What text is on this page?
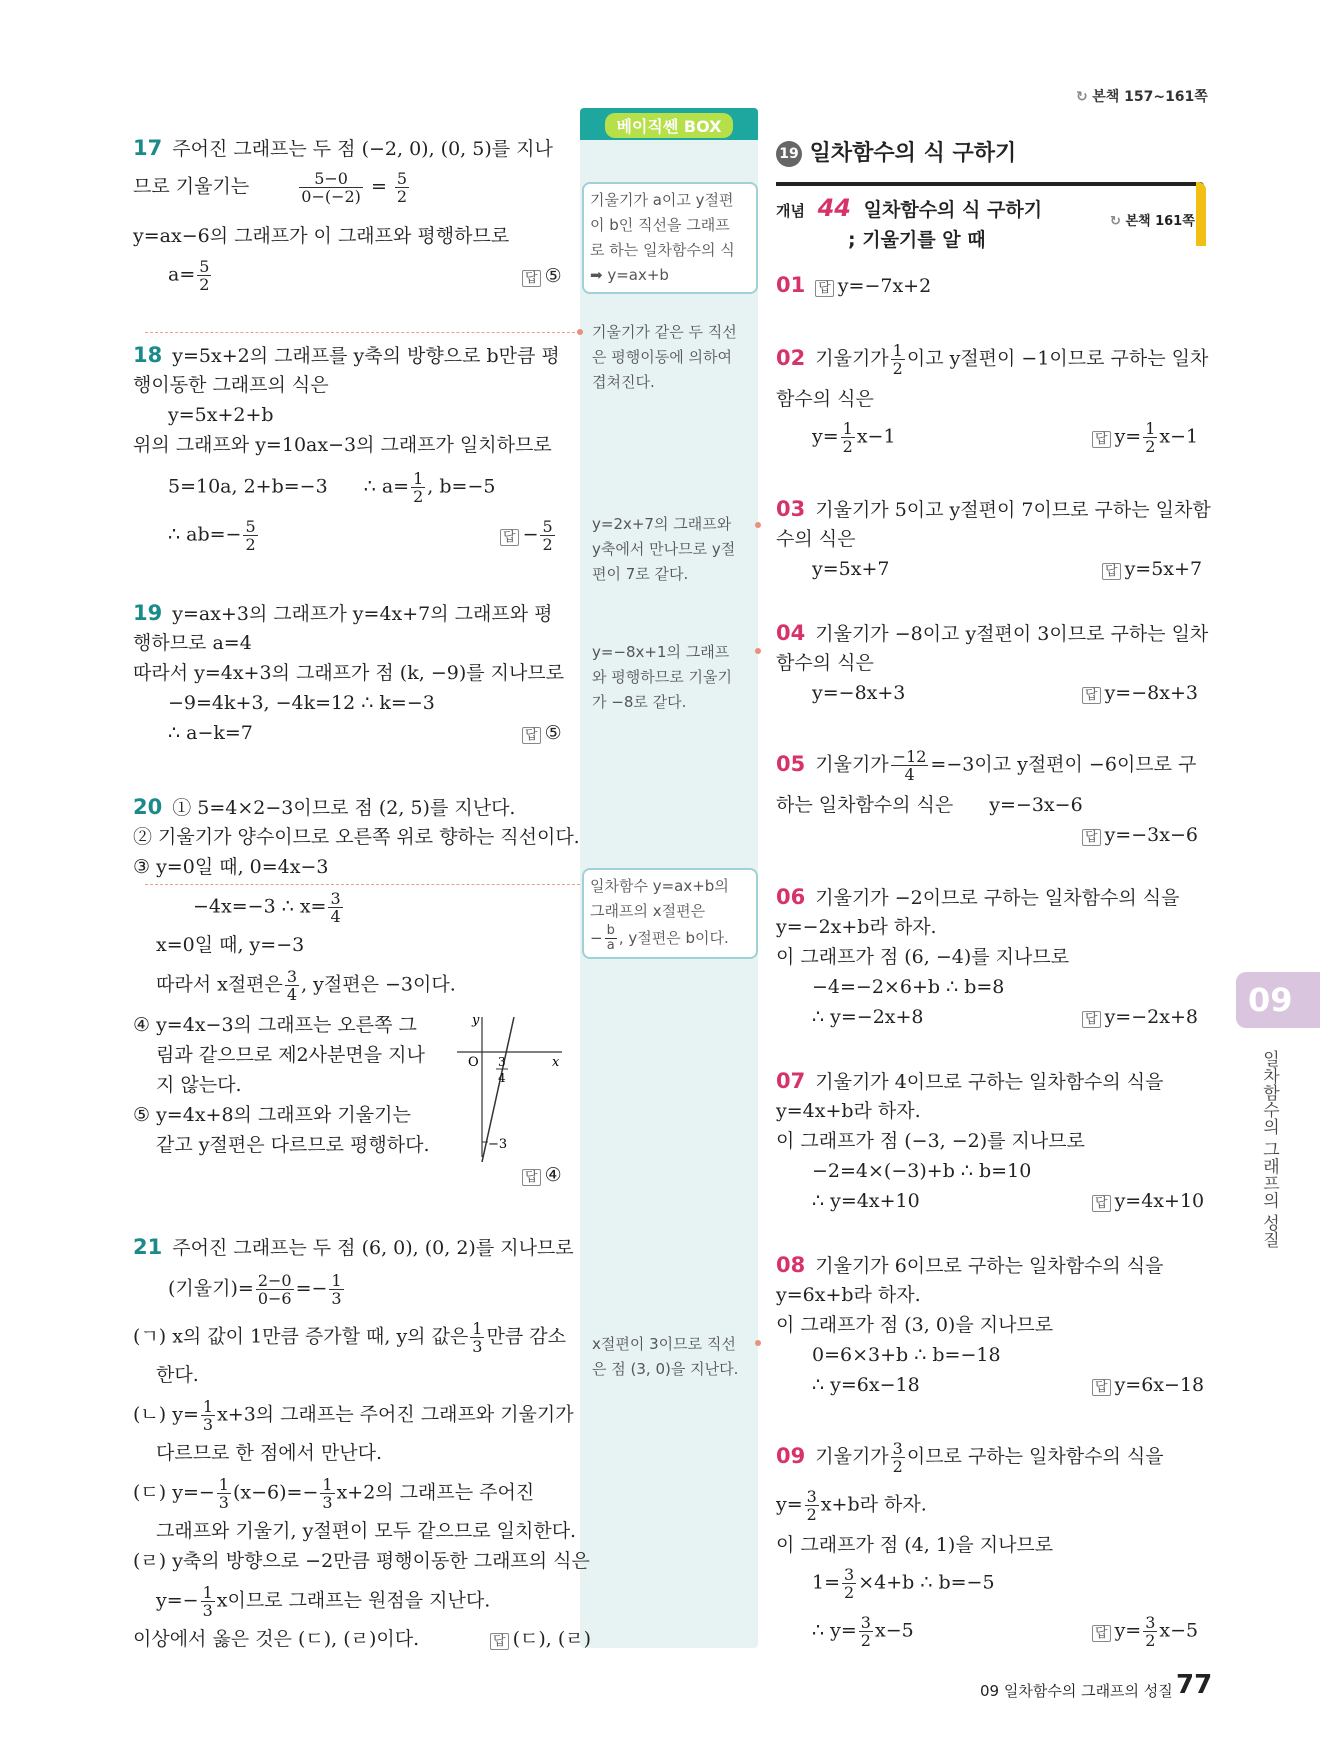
↻ 본책 157~161쪽
베이직쎈 BOX
17 주어진 그래프는 두 점 (−2, 0), (0, 5)를 지나
므로 기울기는	$\frac{5-0}{0-(-2)} = \frac{5}{2}$
y=ax−6의 그래프가 이 그래프와 평행하므로
$a= \frac{5}{2}$	답 ⑤
18 y=5x+2의 그래프를 y축의 방향으로 b만큼 평
행이동한 그래프의 식은
y=5x+2+b
위의 그래프와 y=10ax−3의 그래프가 일치하므로
5=10a, 2+b=−3 ∴ $a= \frac{1}{2}$ , b=−5
∴ $ab=- \frac{5}{2}$	답 − $\frac{5}{2}$
19 y=ax+3의 그래프가 y=4x+7의 그래프와 평
행하므로 a=4
따라서 y=4x+3의 그래프가 점 (k, −9)를 지나므로
−9=4k+3, −4k=12 ∴ k=−3
∴ a−k=7	답 ⑤
20 ① 5=4×2−3이므로 점 (2, 5)를 지난다.
② 기울기가 양수이므로 오른쪽 위로 향하는 직선이다.
③ y=0일 때, 0=4x−3
−4x=−3 ∴ $x= \frac{3}{4}$
x=0일 때, y=−3
따라서 x절편은 $\frac{3}{4}$ , y절편은 −3이다.
④ y=4x−3의 그래프는 오른쪽 그
림과 같으므로 제2사분면을 지나
지 않는다.
⑤ y=4x+8의 그래프와 기울기는
같고 y절편은 다르므로 평행하다.
y
x
O
−3
3
4
답 ④
21 주어진 그래프는 두 점 (6, 0), (0, 2)를 지나므로
(기울기)= $\frac{2-0}{0-6} =- \frac{1}{3}$
(ㄱ) x의 값이 1만큼 증가할 때, y의 값은 $\frac{1}{3}$ 만큼 감소
한다.
(ㄴ) $y= \frac{1}{3} x+3$의 그래프는 주어진 그래프와 기울기가
다르므로 한 점에서 만난다.
(ㄷ) $y=- \frac{1}{3} (x-6)=- \frac{1}{3} x+2$의 그래프는 주어진
그래프와 기울기, y절편이 모두 같으므로 일치한다.
(ㄹ) y축의 방향으로 −2만큼 평행이동한 그래프의 식은
$y=- \frac{1}{3}$ x이므로 그래프는 원점을 지난다.
이상에서 옳은 것은 (ㄷ), (ㄹ)이다.	답 (ㄷ), (ㄹ)
기울기가 a이고 y절편
이 b인 직선을 그래프
로 하는 일차함수의 식
➡ y=ax+b
기울기가 같은 두 직선
은 평행이동에 의하여
겹쳐진다.
y=2x+7의 그래프와
y축에서 만나므로 y절
편이 7로 같다.
y=−8x+1의 그래프
와 평행하므로 기울기
가 −8로 같다.
일차함수 y=ax+b의
그래프의 x절편은
− $\frac{b}{a}$ , y절편은 b이다.
x절편이 3이므로 직선
은 점 (3, 0)을 지난다.
19 일차함수의 식 구하기
개념 44 일차함수의 식 구하기
; 기울기를 알 때
↻ 본책 161쪽
01 답 y=−7x+2
02 기울기가 $\frac{1}{2}$ 이고 y절편이 −1이므로 구하는 일차
함수의 식은
$y= \frac{1}{2} x-1$	답 $y= \frac{1}{2} x-1$
03 기울기가 5이고 y절편이 7이므로 구하는 일차함
수의 식은
y=5x+7	답 y=5x+7
04 기울기가 −8이고 y절편이 3이므로 구하는 일차
함수의 식은
y=−8x+3	답 y=−8x+3
05 기울기가 $\frac{-12}{4} =-3$이고 y절편이 −6이므로 구
하는 일차함수의 식은 y=−3x−6
답 y=−3x−6
06 기울기가 −2이므로 구하는 일차함수의 식을
y=−2x+b라 하자.
이 그래프가 점 (6, −4)를 지나므로
−4=−2×6+b ∴ b=8
∴ y=−2x+8	답 y=−2x+8
07 기울기가 4이므로 구하는 일차함수의 식을
y=4x+b라 하자.
이 그래프가 점 (−3, −2)를 지나므로
−2=4×(−3)+b ∴ b=10
∴ y=4x+10	답 y=4x+10
08 기울기가 6이므로 구하는 일차함수의 식을
y=6x+b라 하자.
이 그래프가 점 (3, 0)을 지나므로
0=6×3+b ∴ b=−18
∴ y=6x−18	답 y=6x−18
09 기울기가 $\frac{3}{2}$ 이므로 구하는 일차함수의 식을
$y= \frac{3}{2} x+b$라 하자.
이 그래프가 점 (4, 1)을 지나므로
$1= \frac{3}{2} \times 4+b$ ∴ b=−5
∴ $y= \frac{3}{2} x-5$	답 $y= \frac{3}{2} x-5$
09
일차함수의 그래프의 성질
09 일차함수의 그래프의 성질 77
